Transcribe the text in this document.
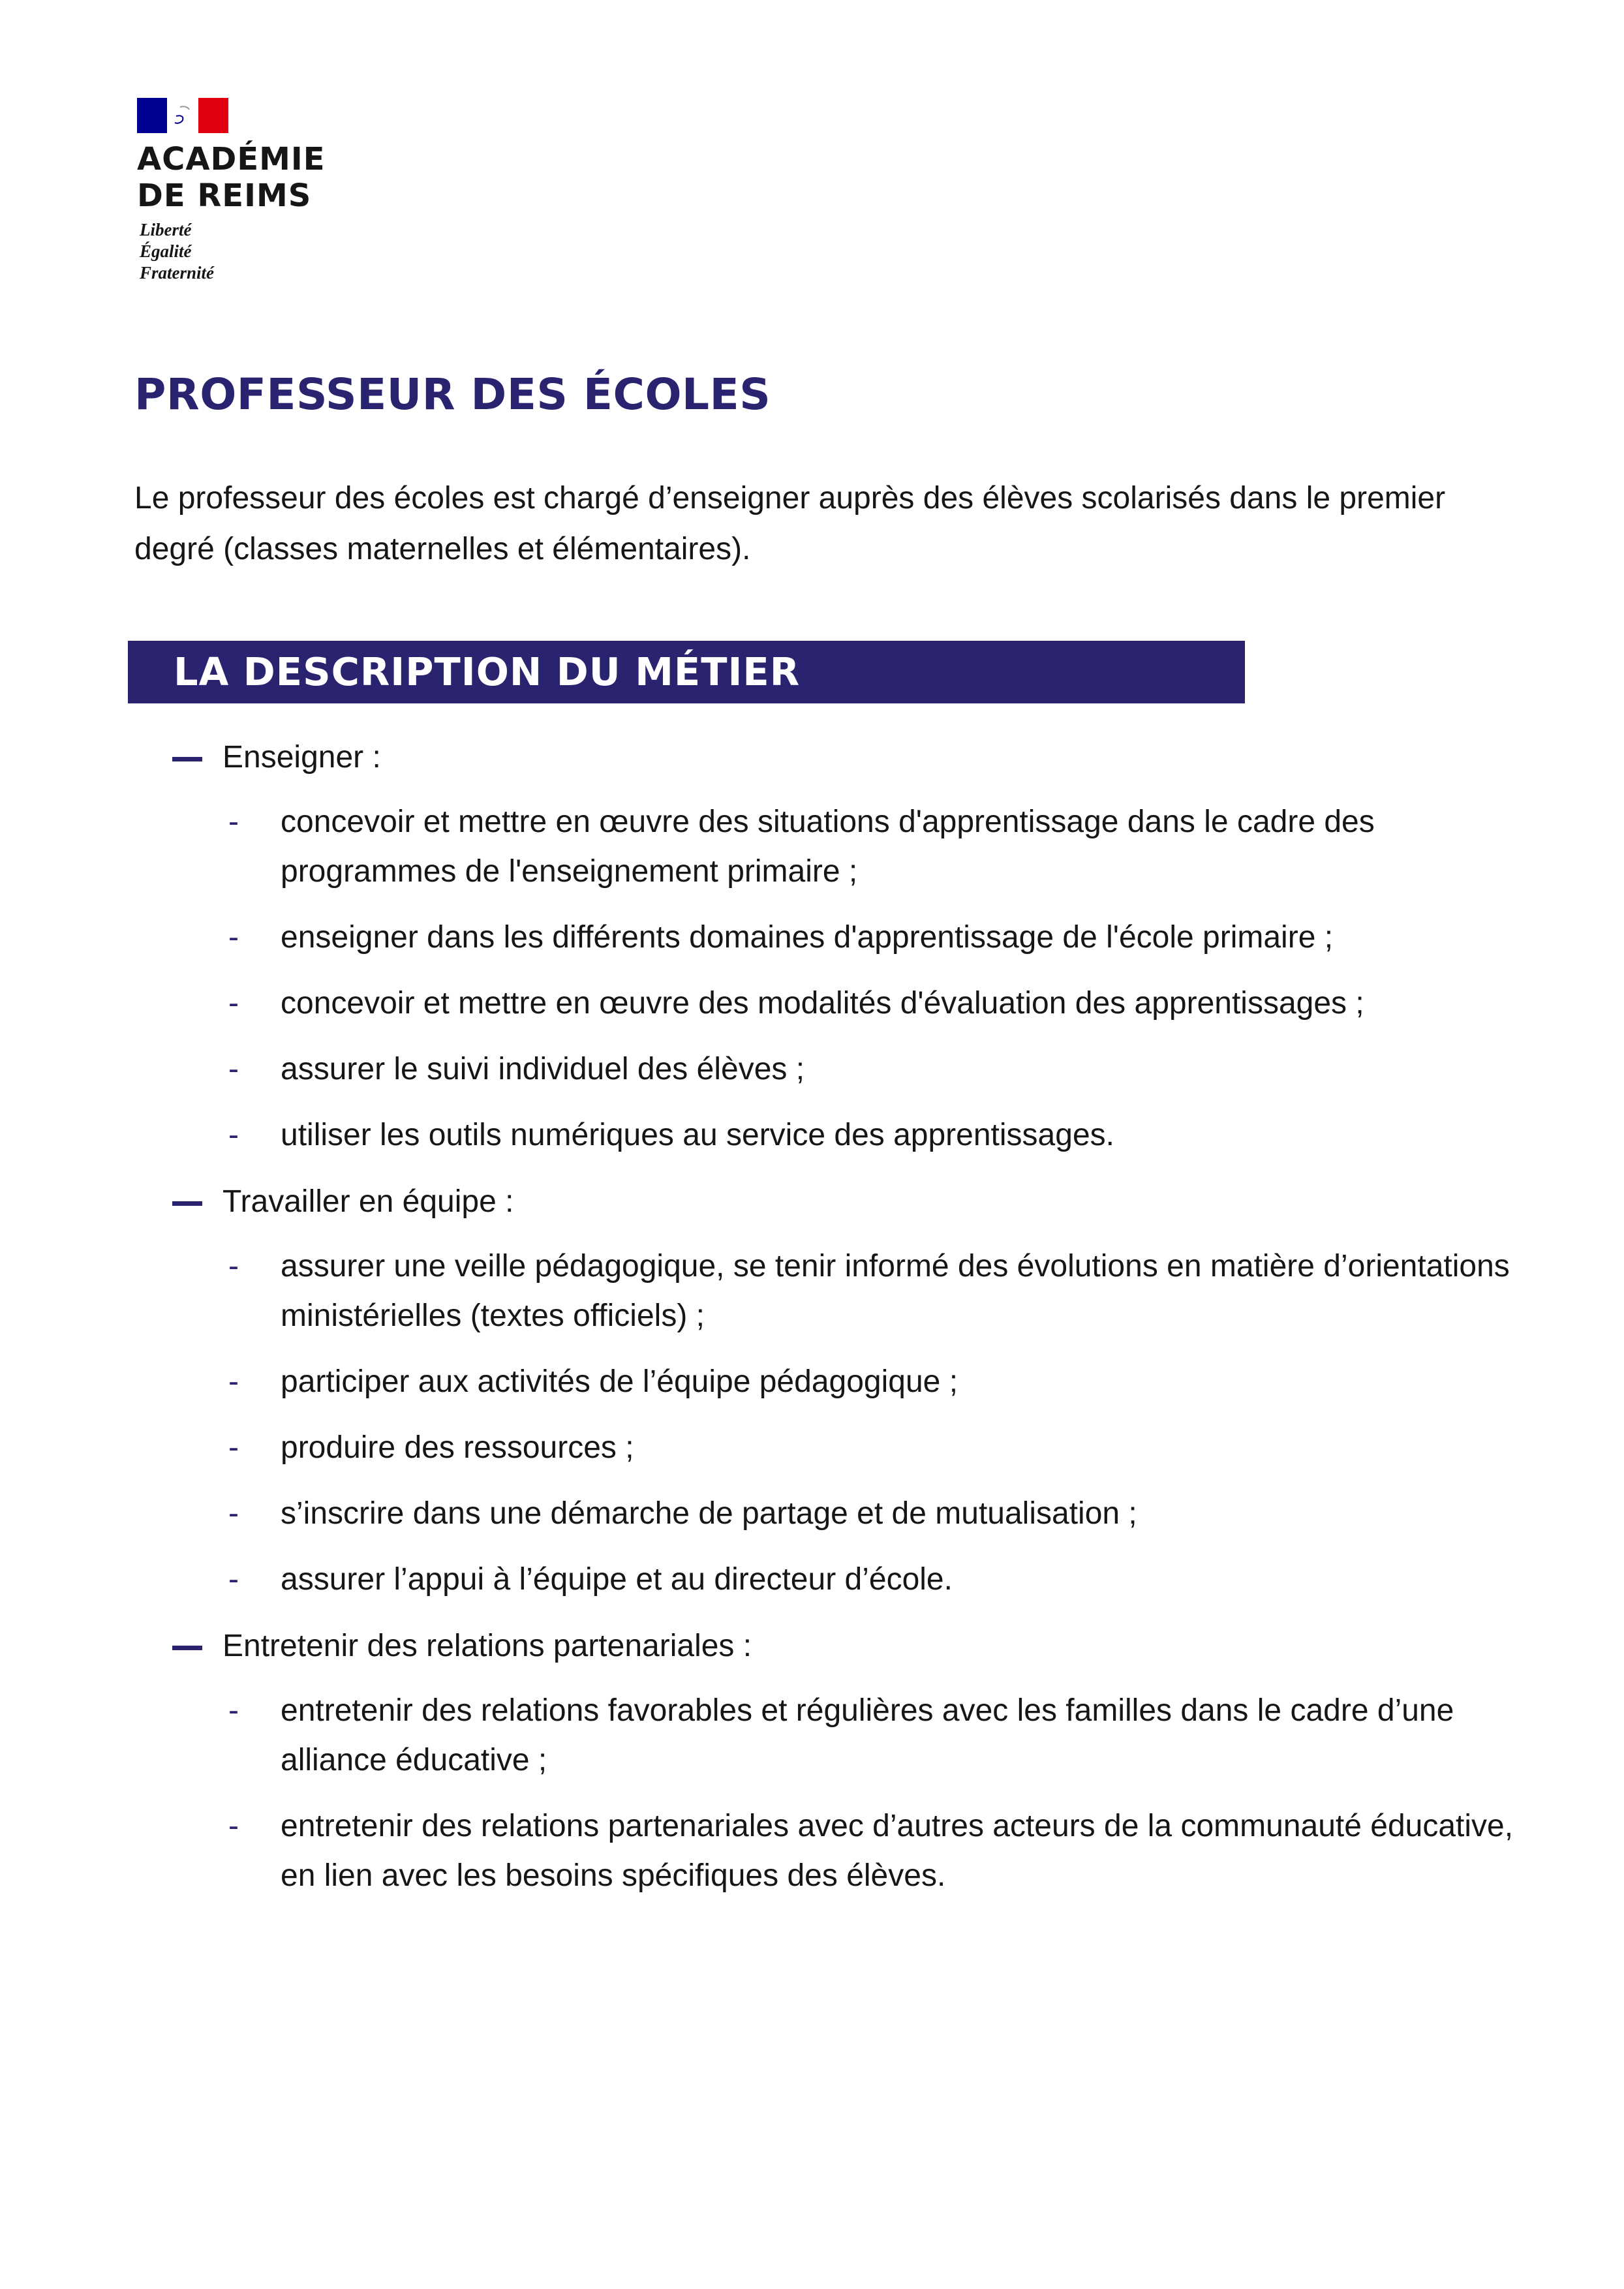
ACADÉMIE
DE REIMS
Liberté
Égalité
Fraternité
PROFESSEUR DES ÉCOLES

Le professeur des écoles est chargé d’enseigner auprès des élèves scolarisés dans le premier degré (classes maternelles et élémentaires).

LA DESCRIPTION DU MÉTIER
Enseigner :
- concevoir et mettre en œuvre des situations d'apprentissage dans le cadre des programmes de l'enseignement primaire ;
- enseigner dans les différents domaines d'apprentissage de l'école primaire ;
- concevoir et mettre en œuvre des modalités d'évaluation des apprentissages ;
- assurer le suivi individuel des élèves ;
- utiliser les outils numériques au service des apprentissages.
Travailler en équipe :
- assurer une veille pédagogique, se tenir informé des évolutions en matière d’orientations ministérielles (textes officiels) ;
- participer aux activités de l’équipe pédagogique ;
- produire des ressources ;
- s’inscrire dans une démarche de partage et de mutualisation ;
- assurer l’appui à l’équipe et au directeur d’école.
Entretenir des relations partenariales :
- entretenir des relations favorables et régulières avec les familles dans le cadre d’une alliance éducative ;
- entretenir des relations partenariales avec d’autres acteurs de la communauté éducative, en lien avec les besoins spécifiques des élèves.
